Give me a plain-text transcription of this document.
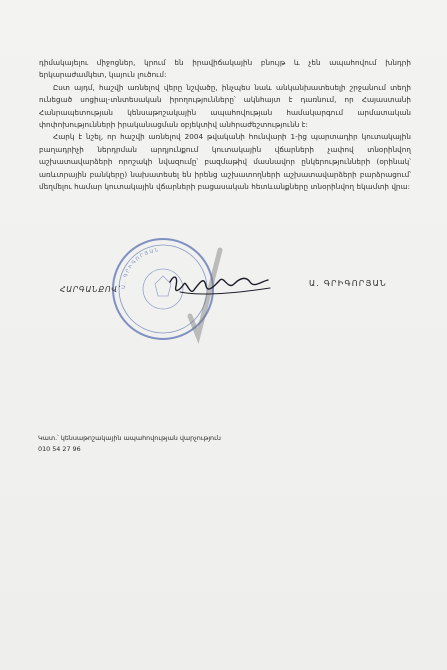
դիմակայելու միջոցներ, կրում են իրավիճակային բնույթ և չեն ապահովում խնդրի երկարաժամկետ, կայուն լուծում:

Ըստ այդմ, հաշվի առնելով վերը նշվածը, ինչպես նաև անկանխատեսելի շրջանում տեղի ունեցած սոցիալ-տնտեսական իրողությունները՝ ակնհայտ է դառնում, որ Հայաստանի Հանրապետության կենսաթոշակային ապահովության համակարգում արմատական փոփոխությունների իրականացման օբյեկտիվ անհրաժեշտությունն է:

Հարկ է նշել, որ հաշվի առնելով 2004 թվականի հունվարի 1-ից պարտադիր կուտակային բաղադրիչի ներդրման արդյունքում կուտակային վճարների չափով տնօրինվող աշխատավարձերի որոշակի նվազումը՝ բազմաթիվ մասնավոր ընկերությունների (օրինակ՝ առևտրային բանկերը) նախատեսել են իրենց աշխատողների աշխատավարձերի բարձրացում՝ մեղմելու համար կուտակային վճարների բացասական հետևանքները տնօրինվող եկամտի վրա:

Ա. ԳՐԻԳՈՐՅԱՆ
ՀԱՐԳԱՆՔՈՎ՝
Ա. ԳՐԻԳՈՐՅԱՆ
Կատ.՝ կենսաթոշակային ապահովության վարչություն
010 54 27 96
